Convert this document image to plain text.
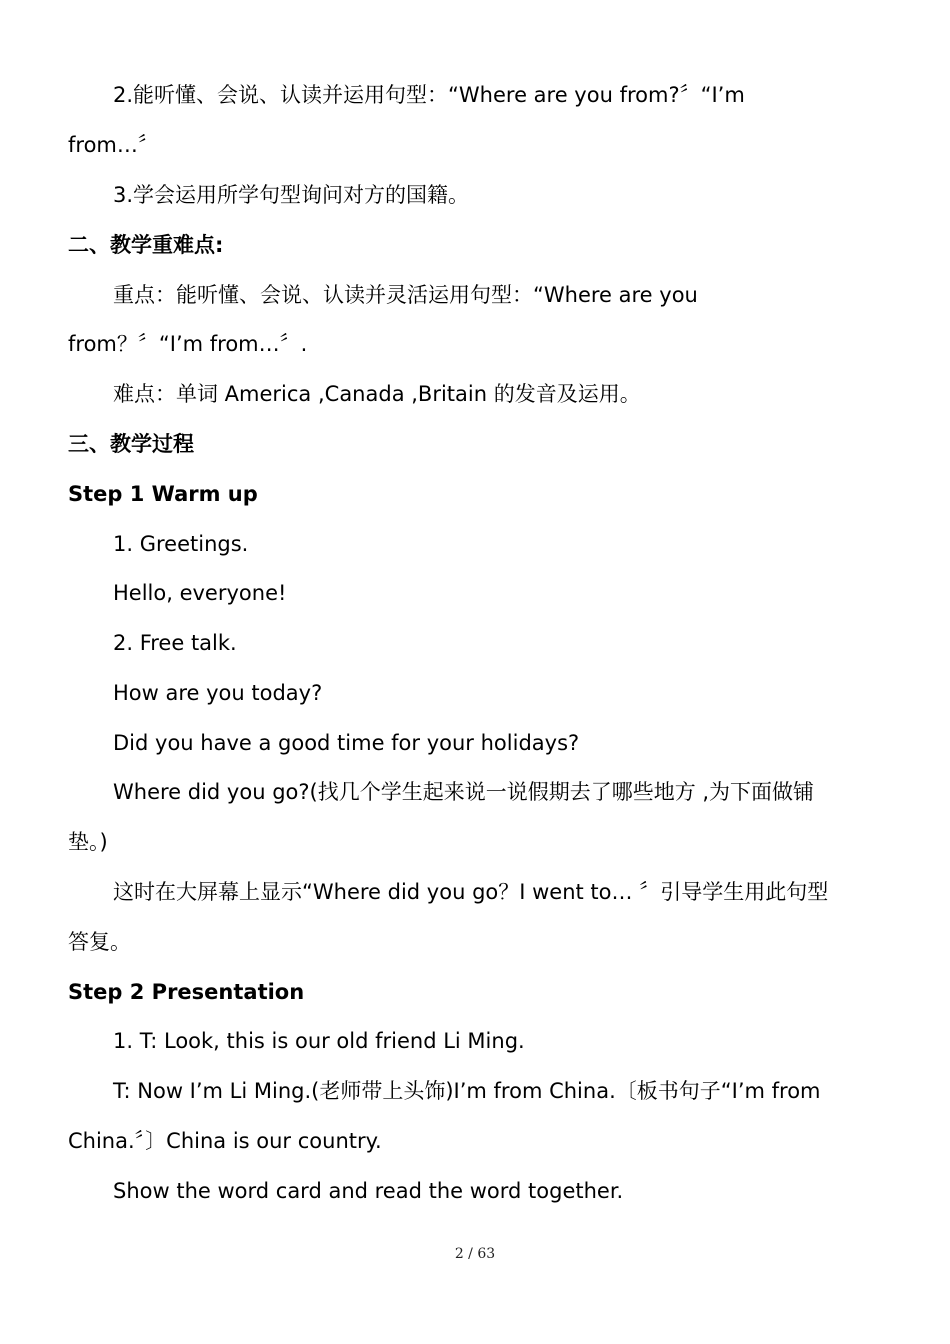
2.能听懂、会说、认读并运用句型：“Where are you from?〞“I’m
from…〞
3.学会运用所学句型询问对方的国籍。
二、教学重难点:
重点：能听懂、会说、认读并灵活运用句型：“Where are you
from？〞“I’m from…〞.
难点：单词 America ,Canada ,Britain 的发音及运用。
三、教学过程
Step 1 Warm up
1. Greetings.
Hello, everyone!
2. Free talk.
How are you today?
Did you have a good time for your holidays?
Where did you go?(找几个学生起来说一说假期去了哪些地方 ,为下面做铺
垫。)
这时在大屏幕上显示“Where did you go？I went to… 〞引导学生用此句型
答复。
Step 2 Presentation
1. T: Look, this is our old friend Li Ming.
T: Now I’m Li Ming.(老师带上头饰)I’m from China.〔板书句子“I’m from
China.〞〕China is our country.
Show the word card and read the word together.
2 / 63
